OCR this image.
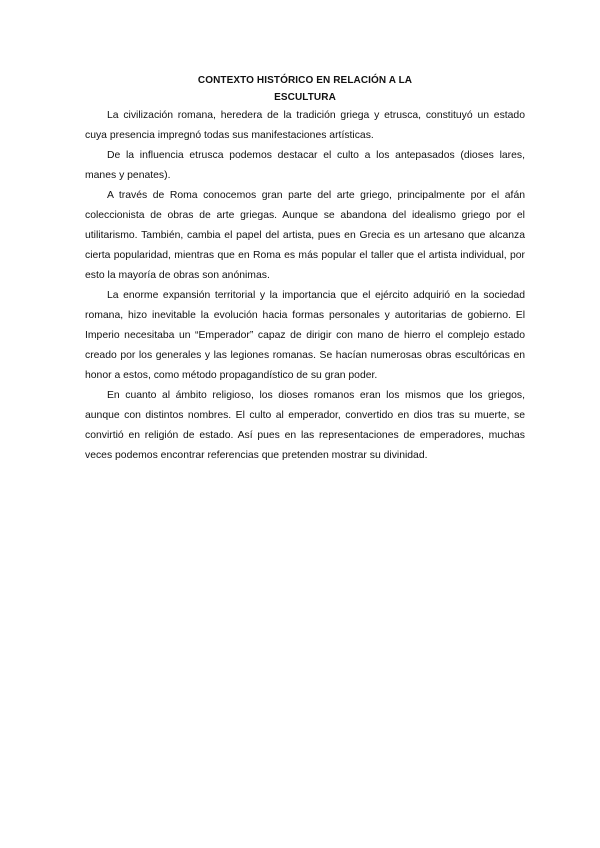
CONTEXTO HISTÓRICO EN RELACIÓN A LA
ESCULTURA

La civilización romana, heredera de la tradición griega y etrusca, constituyó un estado cuya presencia impregnó todas sus manifestaciones artísticas.

De la influencia etrusca podemos destacar el culto a los antepasados (dioses lares, manes y penates).

A través de Roma conocemos gran parte del arte griego, principalmente por el afán coleccionista de obras de arte griegas. Aunque se abandona del idealismo griego por el utilitarismo. También, cambia el papel del artista, pues en Grecia es un artesano que alcanza cierta popularidad, mientras que en Roma es más popular el taller que el artista individual, por esto la mayoría de obras son anónimas.

La enorme expansión territorial y la importancia que el ejército adquirió en la sociedad romana, hizo inevitable la evolución hacia formas personales y autoritarias de gobierno. El Imperio necesitaba un “Emperador” capaz de dirigir con mano de hierro el complejo estado creado por los generales y las legiones romanas. Se hacían numerosas obras escultóricas en honor a estos, como método propagandístico de su gran poder.

En cuanto al ámbito religioso, los dioses romanos eran los mismos que los griegos, aunque con distintos nombres. El culto al emperador, convertido en dios tras su muerte, se convirtió en religión de estado. Así pues en las representaciones de emperadores, muchas veces podemos encontrar referencias que pretenden mostrar su divinidad.
